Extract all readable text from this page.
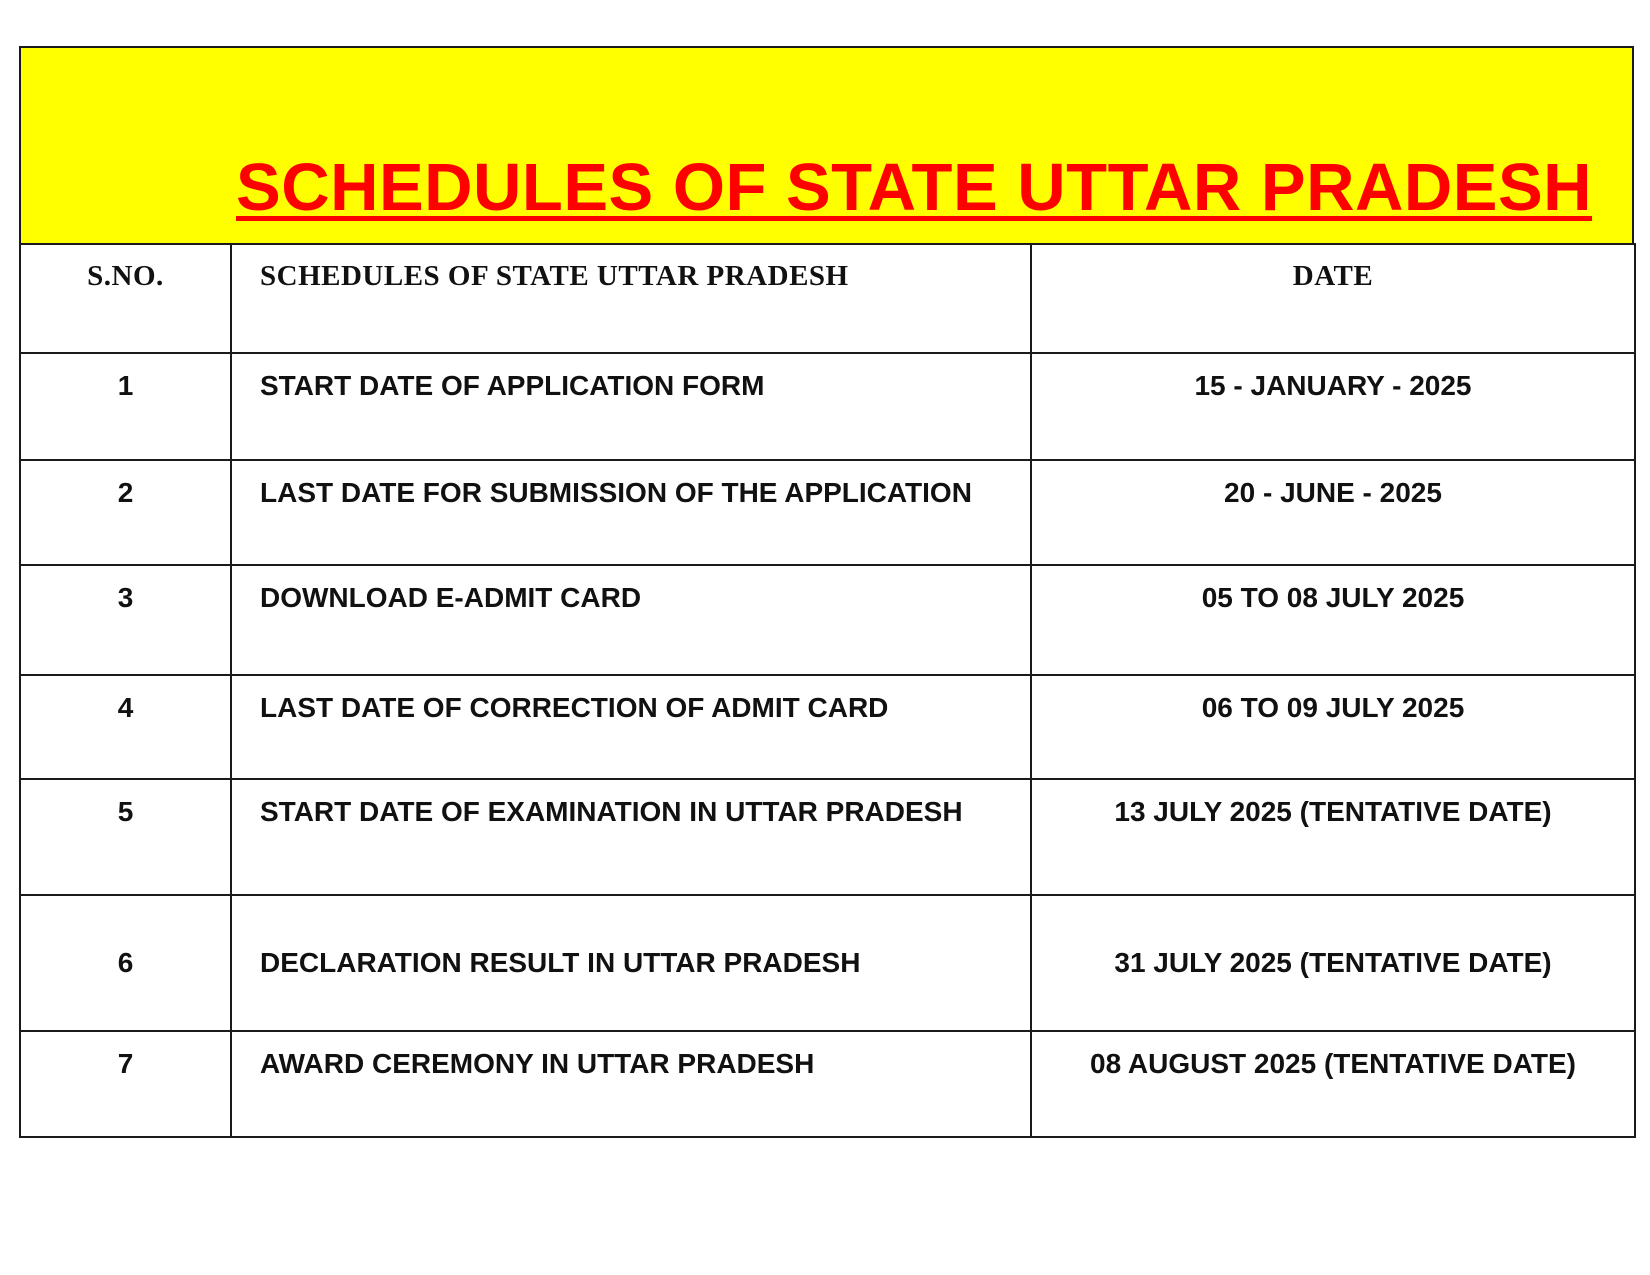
SCHEDULES OF STATE UTTAR PRADESH
S.NO.	SCHEDULES OF STATE UTTAR PRADESH	DATE
1	START DATE OF APPLICATION FORM	15 - JANUARY - 2025
2	LAST DATE FOR SUBMISSION OF THE APPLICATION	20 - JUNE - 2025
3	DOWNLOAD E-ADMIT CARD	05 TO 08 JULY 2025
4	LAST DATE OF CORRECTION OF ADMIT CARD	06 TO 09 JULY 2025
5	START DATE OF EXAMINATION IN UTTAR PRADESH	13 JULY 2025 (TENTATIVE DATE)
6	DECLARATION RESULT IN UTTAR PRADESH	31 JULY 2025 (TENTATIVE DATE)
7	AWARD CEREMONY IN UTTAR PRADESH	08 AUGUST 2025 (TENTATIVE DATE)
